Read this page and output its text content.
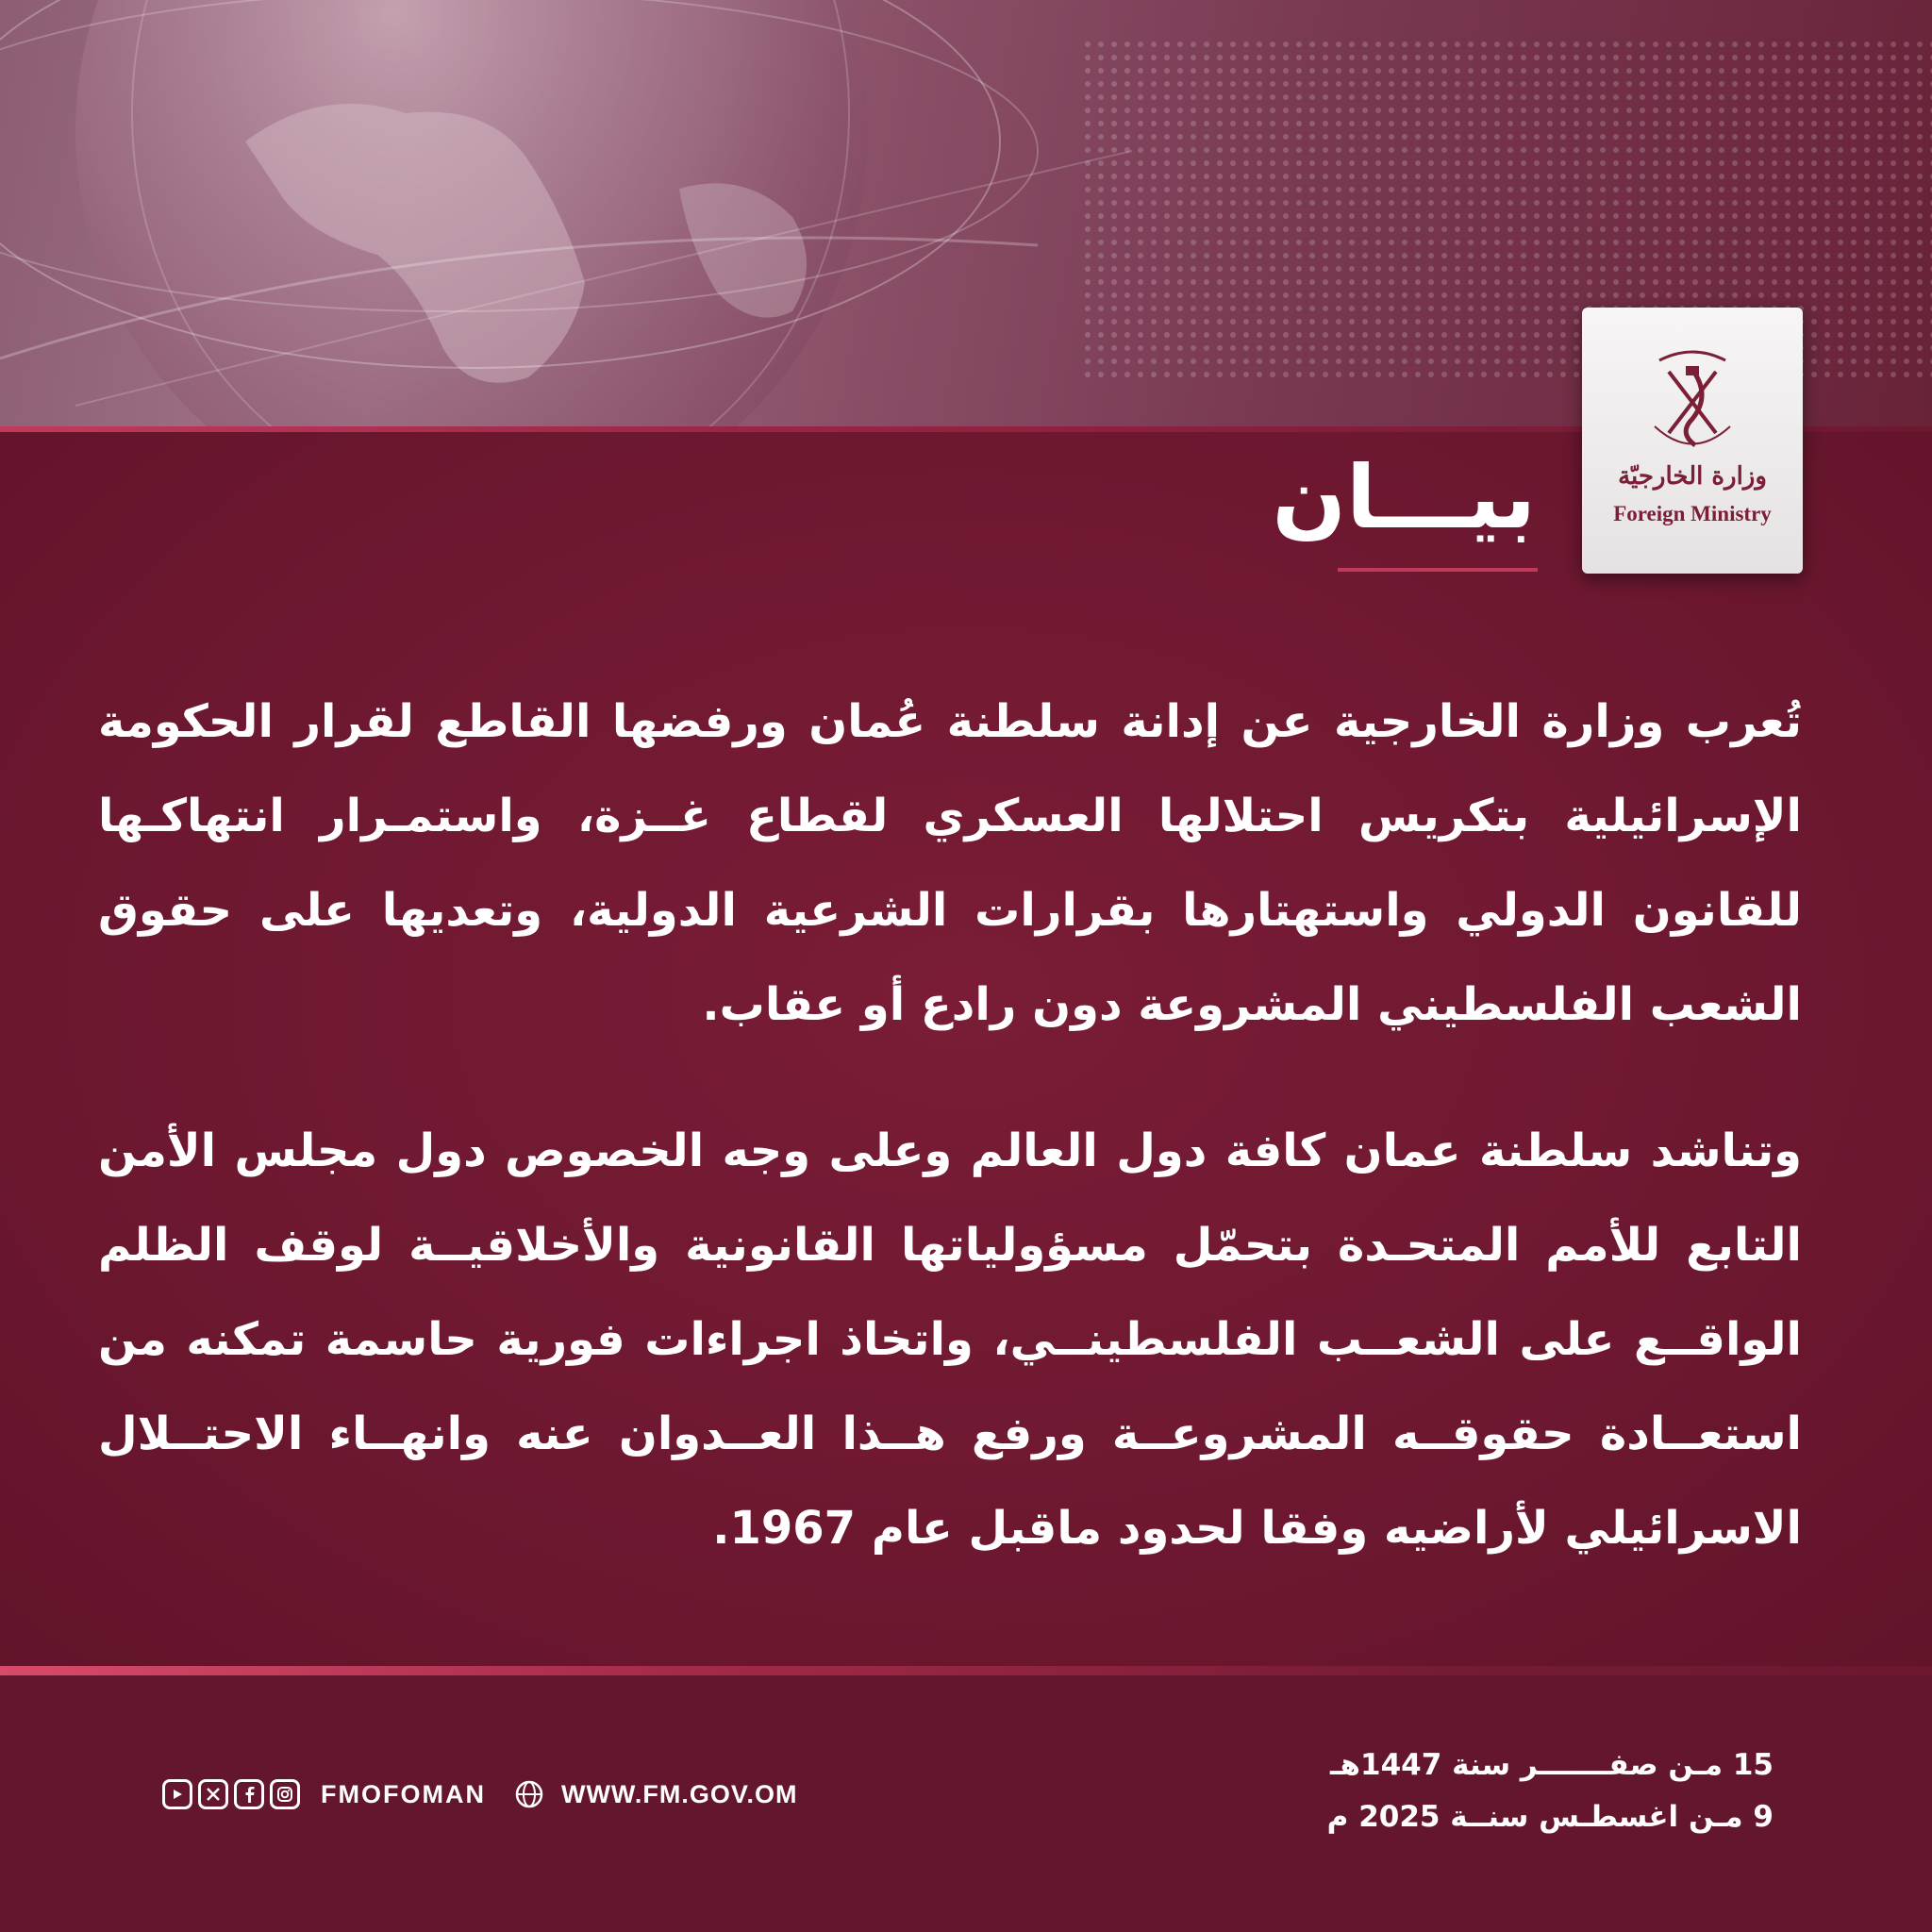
وزارة الخارجيّة
Foreign Ministry
بيـــان
تُعرب وزارة الخارجية عن إدانة سلطنة عُمان ورفضها القاطع لقرار الحكومة الإسرائيلية بتكريس احتلالها العسكري لقطاع غــزة، واستمـرار انتهاكـها للقانون الدولي واستهتارها بقرارات الشرعية الدولية، وتعديها على حقوق الشعب الفلسطيني المشروعة دون رادع أو عقاب.
وتناشد سلطنة عمان كافة دول العالم وعلى وجه الخصوص دول مجلس الأمن التابع للأمم المتحـدة بتحمّل مسؤولياتها القانونية والأخلاقيــة لوقف الظلم الواقــع على الشعــب الفلسطينــي، واتخاذ اجراءات فورية حاسمة تمكنه من استعــادة حقوقــه المشروعــة ورفع هــذا العــدوان عنه وانهــاء الاحتــلال الاسرائيلي لأراضيه وفقا لحدود ماقبل عام 1967.
15 مـن صفـــــــر سنة 1447هـ
9 مـن اغسطـس سنــة 2025 م
FMOFOMAN	WWW.FM.GOV.OM
